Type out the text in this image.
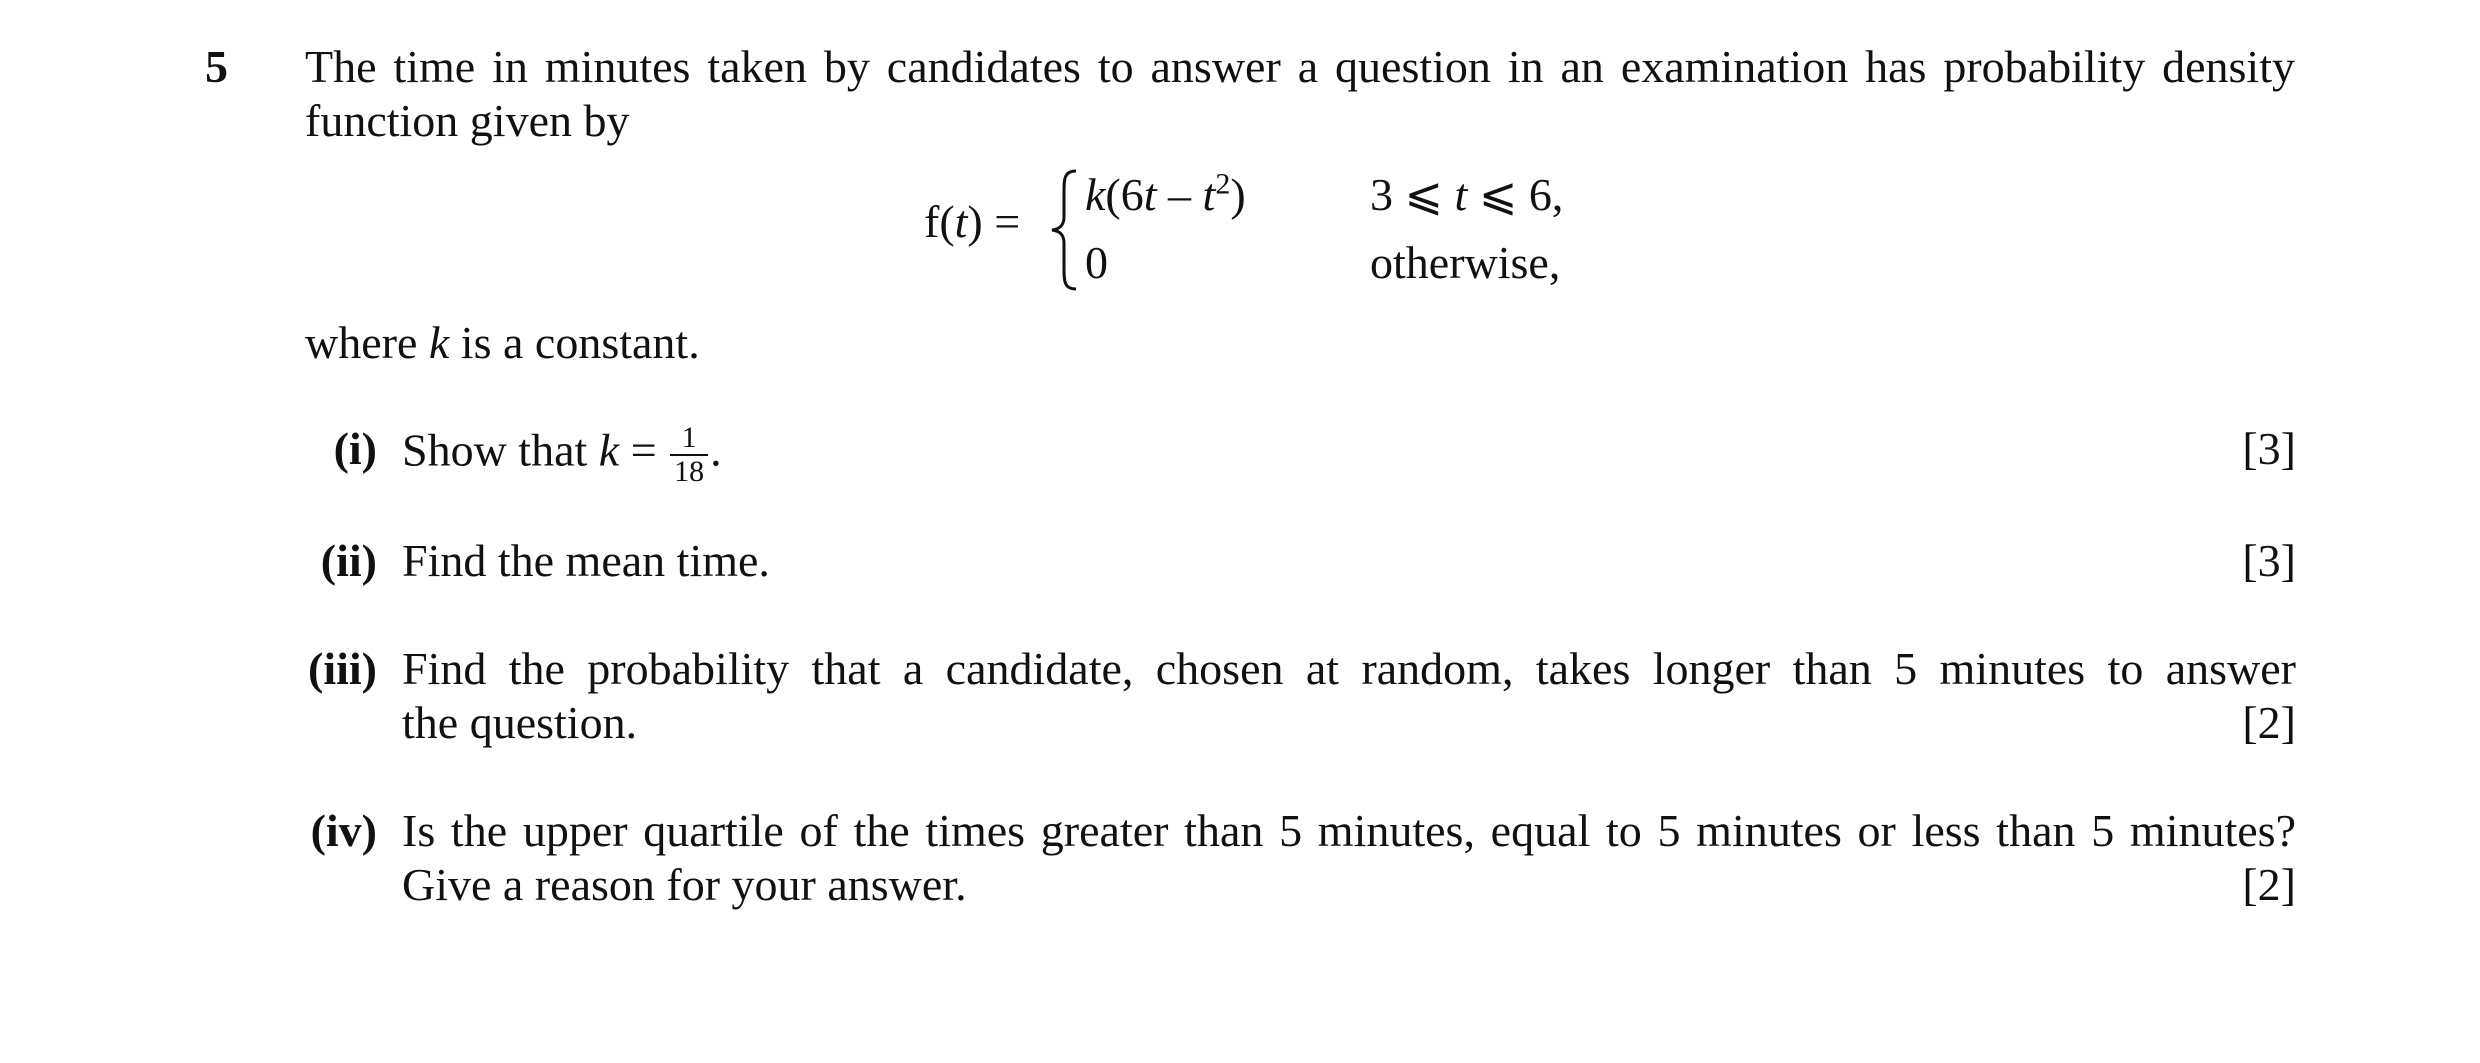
5 The time in minutes taken by candidates to answer a question in an examination has probability density
function given by
f(t) =
$k(6t - t^2)$
0
3 ⩽ t ⩽ 6,
otherwise,
where k is a constant.
(i) Show that $k = \frac{1}{18}$ .	[3]
(ii) Find the mean time.	[3]
(iii) Find the probability that a candidate, chosen at random, takes longer than 5 minutes to answer
the question.	[2]
(iv) Is the upper quartile of the times greater than 5 minutes, equal to 5 minutes or less than 5 minutes?
Give a reason for your answer.	[2]
